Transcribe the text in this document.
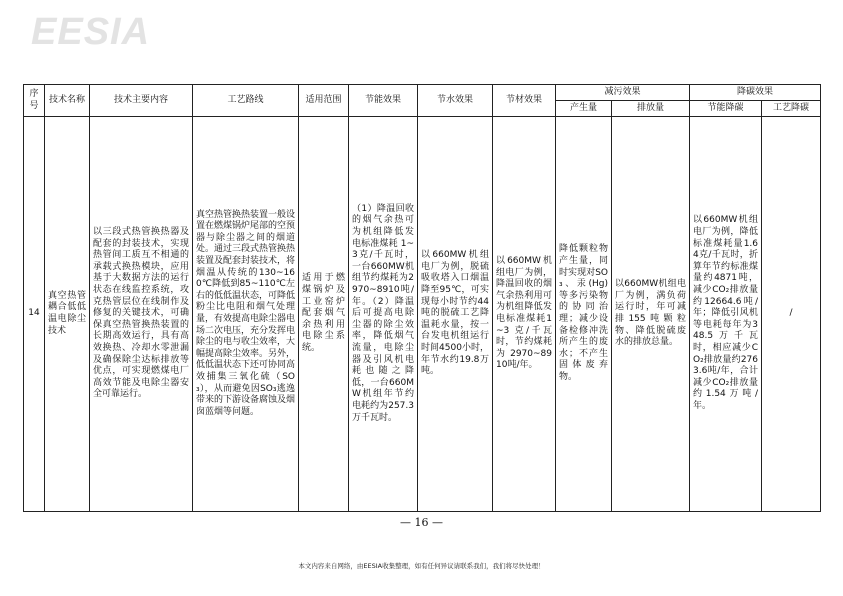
EESIA
序号	技术名称	技术主要内容	工艺路线	适用范围	节能效果	节水效果	节材效果	减污效果		降碳效果	
								产生量	排放量	节能降碳	工艺降碳
14	真空热管耦合低低温电除尘技术	以三段式热管换热器及配套的封装技术，实现热管间工质互不相通的承载式换热模块，应用基于大数据方法的运行状态在线监控系统，攻克热管层位在线制作及修复的关键技术，可确保真空热管换热装置的长期高效运行，具有高效换热、冷却水零泄漏及确保除尘达标排放等优点，可实现燃煤电厂高效节能及电除尘器安全可靠运行。	真空热管换热装置一般设置在燃煤锅炉尾部的空预器与除尘器之间的烟道处。通过三段式热管换热装置及配套封装技术，将烟温从传统的130~160℃降低到85~110℃左右的低低温状态，可降低粉尘比电阻和烟气处理量，有效提高电除尘器电场二次电压，充分发挥电除尘的电与收尘效率，大幅提高除尘效率。另外，低低温状态下还可协同高效捕集三氧化硫（SO₃），从而避免因SO₃逃逸带来的下游设备腐蚀及烟囱蓝烟等问题。	适用于燃煤锅炉及工业窑炉配套烟气余热利用电除尘系统。	（1）降温回收的烟气余热可为机组降低发电标准煤耗 1~3克/千瓦时，一台660MW机组节约煤耗为2970~8910吨/年。（2）降温后可提高电除尘器的除尘效率，降低烟气流量，电除尘器及引风机电耗也随之降低，一台660MW机组年节约电耗约为257.3万千瓦时。	以660MW机组电厂为例，脱硫吸收塔入口烟温降至95℃，可实现每小时节约44吨的脱硫工艺降温耗水量，按一台发电机组运行时间4500小时，年节水约19.8万吨。	以660MW机组电厂为例，降温回收的烟气余热利用可为机组降低发电标准煤耗1~3 克/千瓦时，节约煤耗为2970~8910吨/年。	降低颗粒物产生量，同时实现对SO₃、汞(Hg)等多污染物的协同治理；减少设备检修冲洗所产生的废水；不产生固体废弃物。	以660MW机组电厂为例，满负荷运行时，年可减排155吨颗粒物、降低脱硫废水的排放总量。	以660MW机组电厂为例，降低标准煤耗量1.64克/千瓦时，折算年节约标准煤量约4871吨，减少CO₂排放量约12664.6吨/年；降低引风机等电耗每年为348.5万千瓦时，相应减少CO₂排放量约2763.6吨/年，合计减少CO₂排放量约1.54万吨/年。	/
— 16 —
本文内容来自网络，由EESIA收集整理，如有任何异议请联系我们，我们将尽快处理！
